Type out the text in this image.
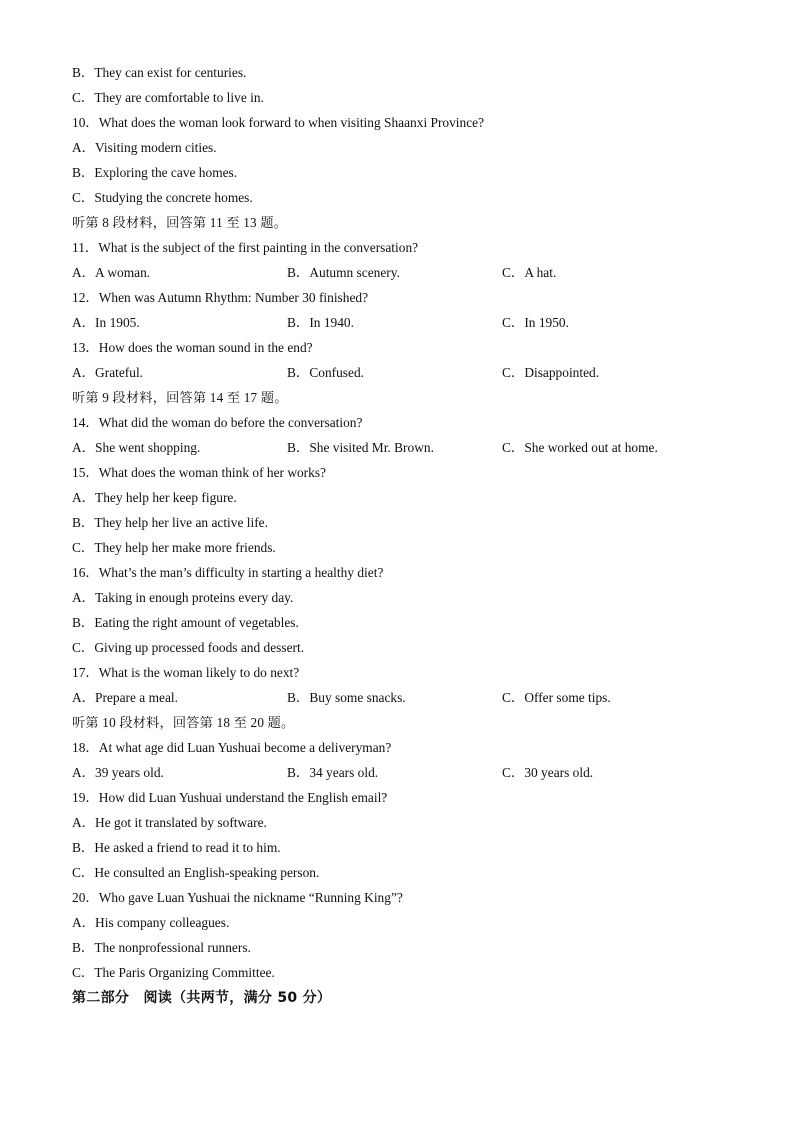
B．They can exist for centuries.
C．They are comfortable to live in.
10．What does the woman look forward to when visiting Shaanxi Province?
A．Visiting modern cities.
B．Exploring the cave homes.
C．Studying the concrete homes.
听第 8 段材料，回答第 11 至 13 题。
11．What is the subject of the first painting in the conversation?
A．A woman.	B．Autumn scenery.	C．A hat.
12．When was Autumn Rhythm: Number 30 finished?
A．In 1905.	B．In 1940.	C．In 1950.
13．How does the woman sound in the end?
A．Grateful.	B．Confused.	C．Disappointed.
听第 9 段材料，回答第 14 至 17 题。
14．What did the woman do before the conversation?
A．She went shopping.	B．She visited Mr. Brown.	C．She worked out at home.
15．What does the woman think of her works?
A．They help her keep figure.
B．They help her live an active life.
C．They help her make more friends.
16．What’s the man’s difficulty in starting a healthy diet?
A．Taking in enough proteins every day.
B．Eating the right amount of vegetables.
C．Giving up processed foods and dessert.
17．What is the woman likely to do next?
A．Prepare a meal.	B．Buy some snacks.	C．Offer some tips.
听第 10 段材料，回答第 18 至 20 题。
18．At what age did Luan Yushuai become a deliveryman?
A．39 years old.	B．34 years old.	C．30 years old.
19．How did Luan Yushuai understand the English email?
A．He got it translated by software.
B．He asked a friend to read it to him.
C．He consulted an English-speaking person.
20．Who gave Luan Yushuai the nickname “Running King”?
A．His company colleagues.
B．The nonprofessional runners.
C．The Paris Organizing Committee.
第二部分　阅读（共两节，满分 50 分）
